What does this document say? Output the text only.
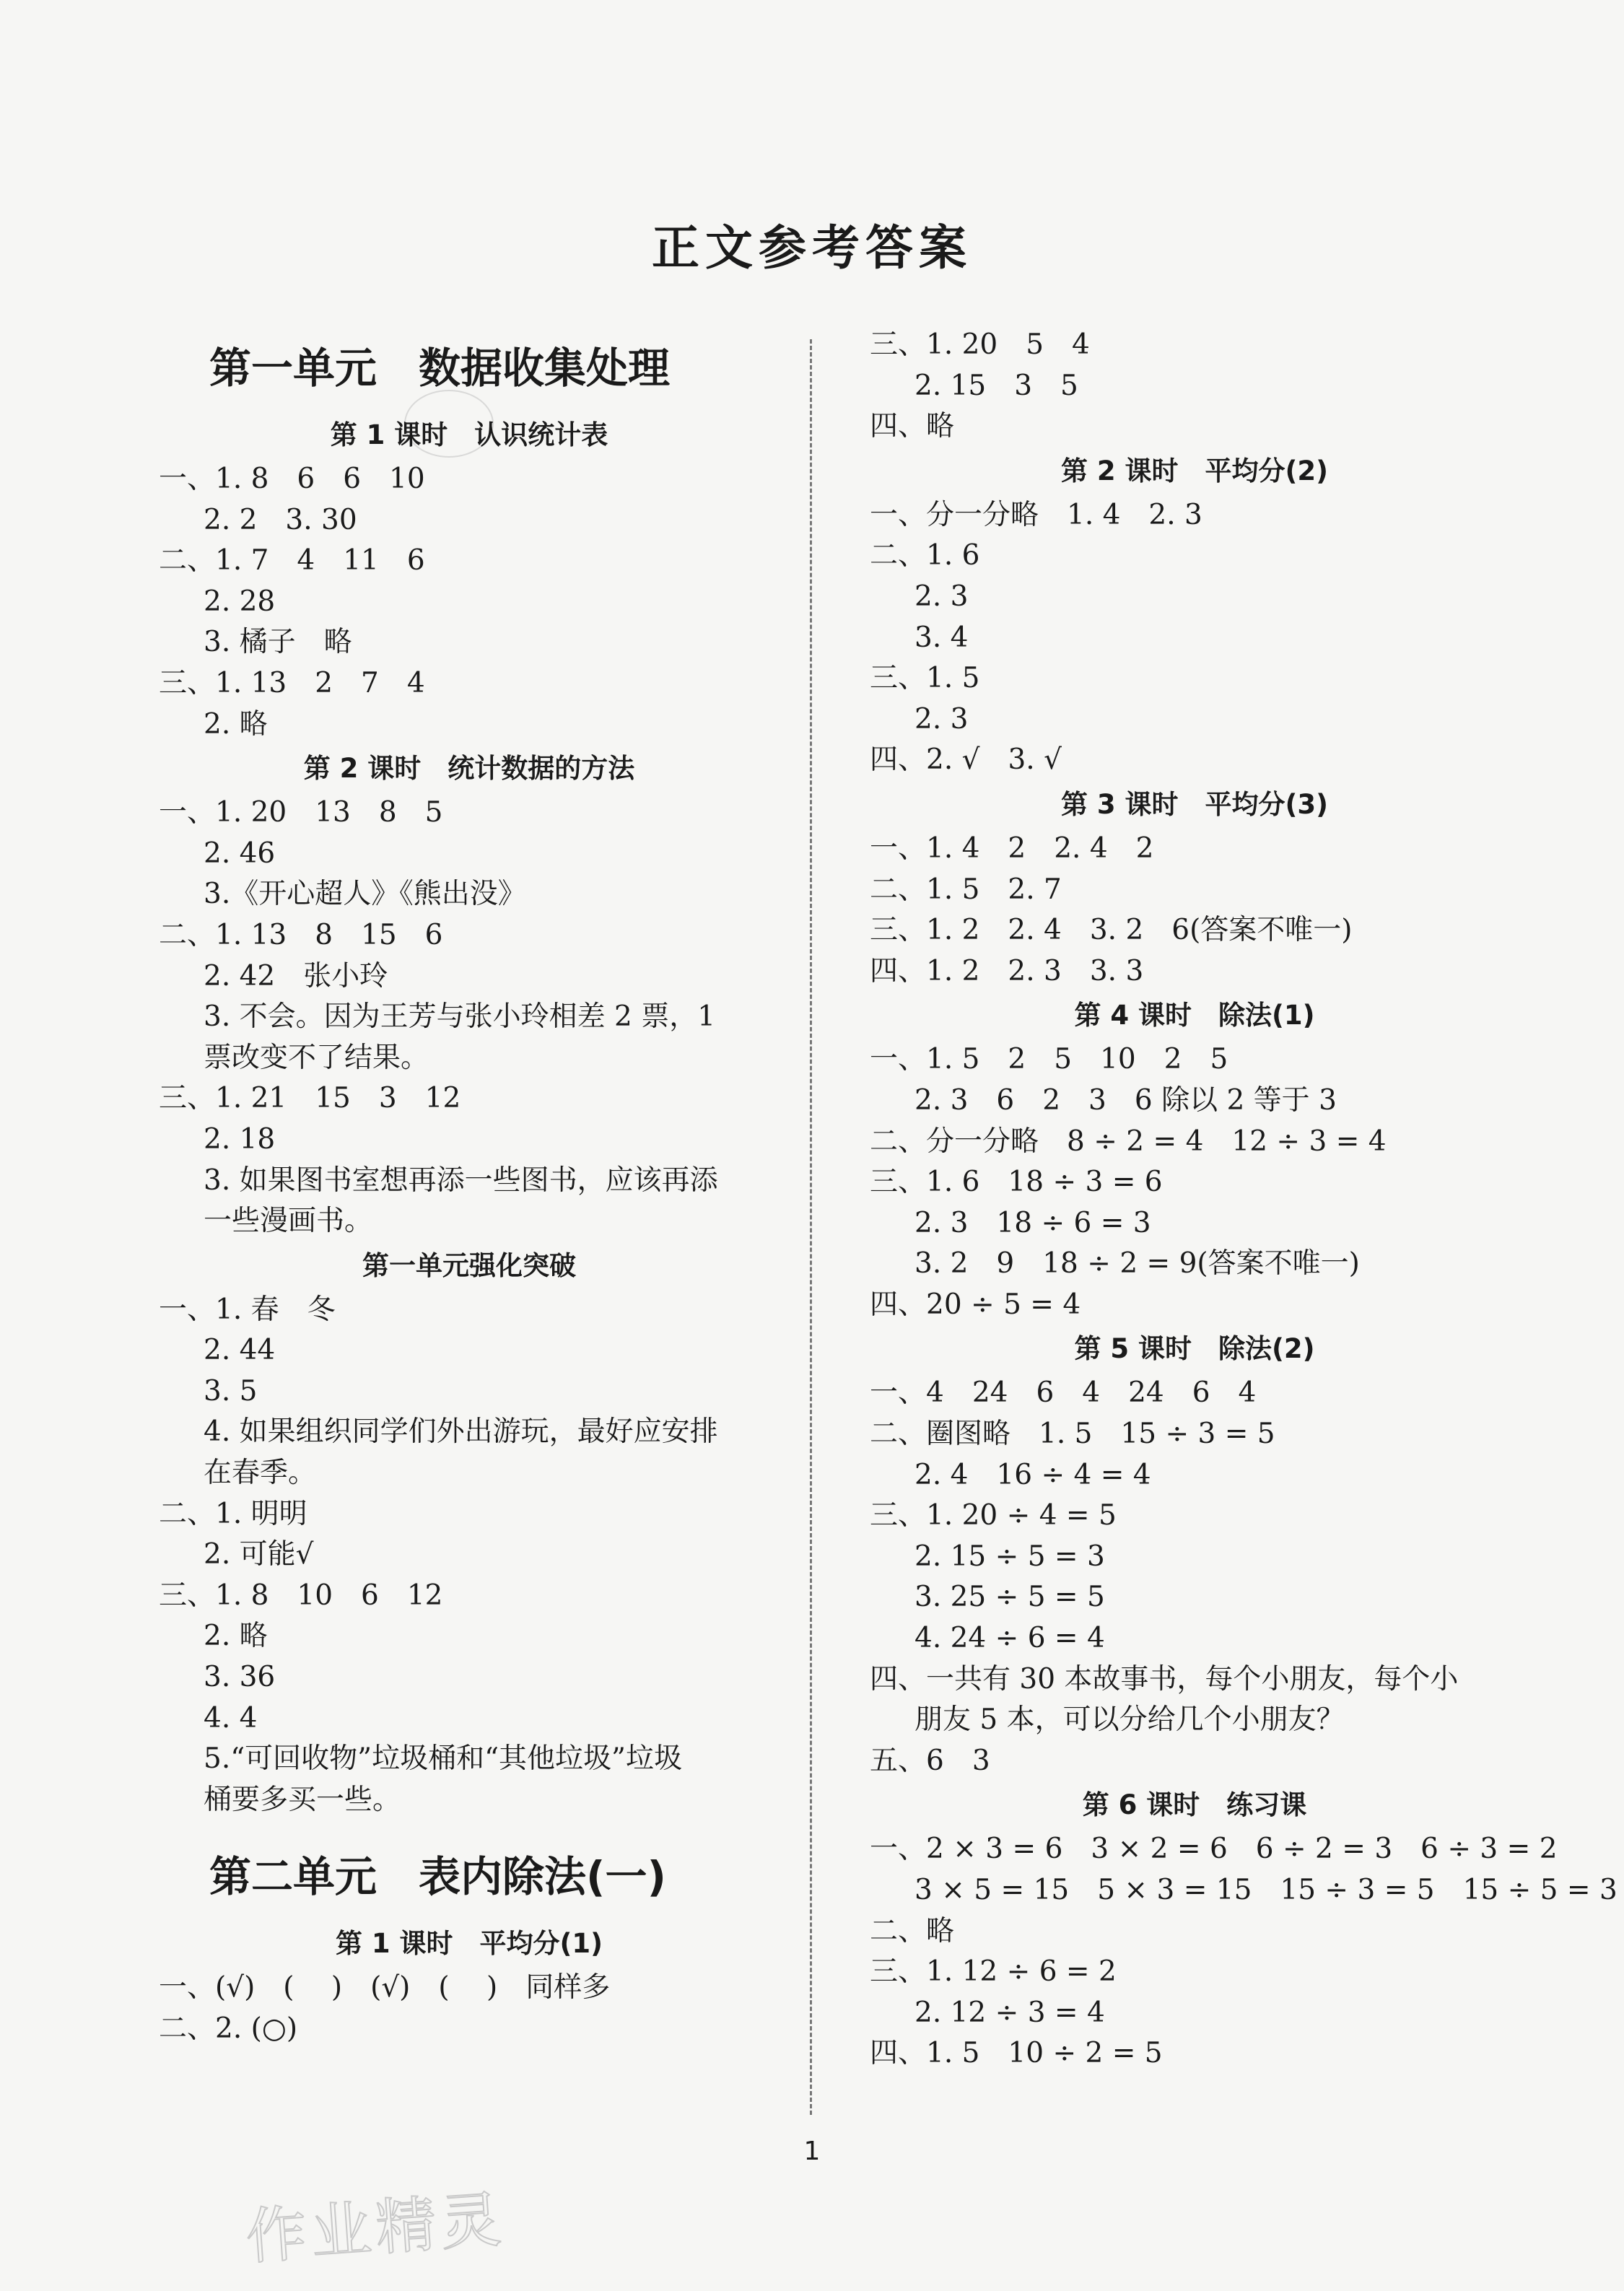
正文参考答案
第一单元　数据收集处理
第 1 课时　认识统计表
一、1. 8　6　6　10
2. 2　3. 30
二、1. 7　4　11　6
2. 28
3. 橘子　略
三、1. 13　2　7　4
2. 略
第 2 课时　统计数据的方法
一、1. 20　13　8　5
2. 46
3.《开心超人》《熊出没》
二、1. 13　8　15　6
2. 42　张小玲
3. 不会。因为王芳与张小玲相差 2 票，1
票改变不了结果。
三、1. 21　15　3　12
2. 18
3. 如果图书室想再添一些图书，应该再添
一些漫画书。
第一单元强化突破
一、1. 春　冬
2. 44
3. 5
4. 如果组织同学们外出游玩，最好应安排
在春季。
二、1. 明明
2. 可能√
三、1. 8　10　6　12
2. 略
3. 36
4. 4
5.“可回收物”垃圾桶和“其他垃圾”垃圾
桶要多买一些。
第二单元　表内除法(一)
第 1 课时　平均分(1)
一、(√)　( 　)　(√)　( 　)　同样多
二、2. (○)
三、1. 20　5　4
2. 15　3　5
四、略
第 2 课时　平均分(2)
一、分一分略　1. 4　2. 3
二、1. 6
2. 3
3. 4
三、1. 5
2. 3
四、2. √　3. √
第 3 课时　平均分(3)
一、1. 4　2　2. 4　2
二、1. 5　2. 7
三、1. 2　2. 4　3. 2　6(答案不唯一)
四、1. 2　2. 3　3. 3
第 4 课时　除法(1)
一、1. 5　2　5　10　2　5
2. 3　6　2　3　6 除以 2 等于 3
二、分一分略　8 ÷ 2 = 4　12 ÷ 3 = 4
三、1. 6　18 ÷ 3 = 6
2. 3　18 ÷ 6 = 3
3. 2　9　18 ÷ 2 = 9(答案不唯一)
四、20 ÷ 5 = 4
第 5 课时　除法(2)
一、4　24　6　4　24　6　4
二、圈图略　1. 5　15 ÷ 3 = 5
2. 4　16 ÷ 4 = 4
三、1. 20 ÷ 4 = 5
2. 15 ÷ 5 = 3
3. 25 ÷ 5 = 5
4. 24 ÷ 6 = 4
四、一共有 30 本故事书，每个小朋友，每个小
朋友 5 本，可以分给几个小朋友？
五、6　3
第 6 课时　练习课
一、2 × 3 = 6　3 × 2 = 6　6 ÷ 2 = 3　6 ÷ 3 = 2
3 × 5 = 15　5 × 3 = 15　15 ÷ 3 = 5　15 ÷ 5 = 3
二、略
三、1. 12 ÷ 6 = 2
2. 12 ÷ 3 = 4
四、1. 5　10 ÷ 2 = 5
1
作业精灵
